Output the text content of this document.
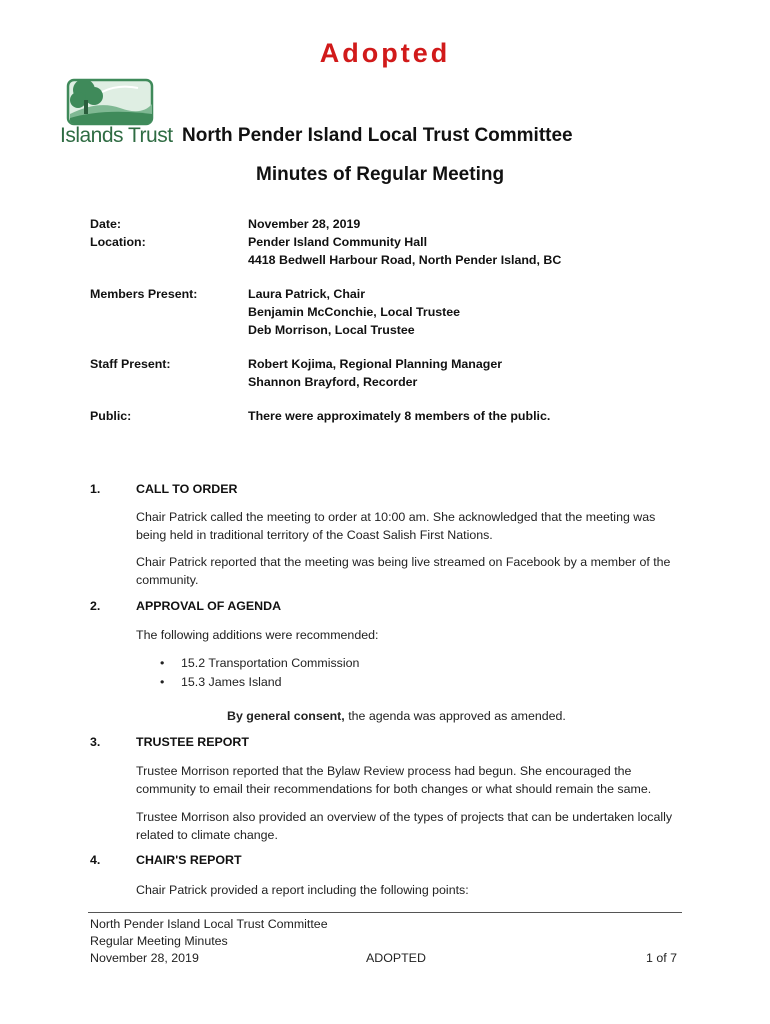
Adopted
Islands Trust North Pender Island Local Trust Committee
Minutes of Regular Meeting
Date:	November 28, 2019
Location:	Pender Island Community Hall
4418 Bedwell Harbour Road, North Pender Island, BC
Members Present:	Laura Patrick, Chair
Benjamin McConchie, Local Trustee
Deb Morrison, Local Trustee
Staff Present:	Robert Kojima, Regional Planning Manager
Shannon Brayford, Recorder
Public:	There were approximately 8 members of the public.
1.	CALL TO ORDER
Chair Patrick called the meeting to order at 10:00 am. She acknowledged that the meeting was being held in traditional territory of the Coast Salish First Nations.
Chair Patrick reported that the meeting was being live streamed on Facebook by a member of the community.
2.	APPROVAL OF AGENDA
The following additions were recommended:
• 15.2 Transportation Commission
• 15.3 James Island
By general consent, the agenda was approved as amended.
3.	TRUSTEE REPORT
Trustee Morrison reported that the Bylaw Review process had begun. She encouraged the community to email their recommendations for both changes or what should remain the same.
Trustee Morrison also provided an overview of the types of projects that can be undertaken locally related to climate change.
4.	CHAIR'S REPORT
Chair Patrick provided a report including the following points:
North Pender Island Local Trust Committee
Regular Meeting Minutes
November 28, 2019	ADOPTED	1 of 7
